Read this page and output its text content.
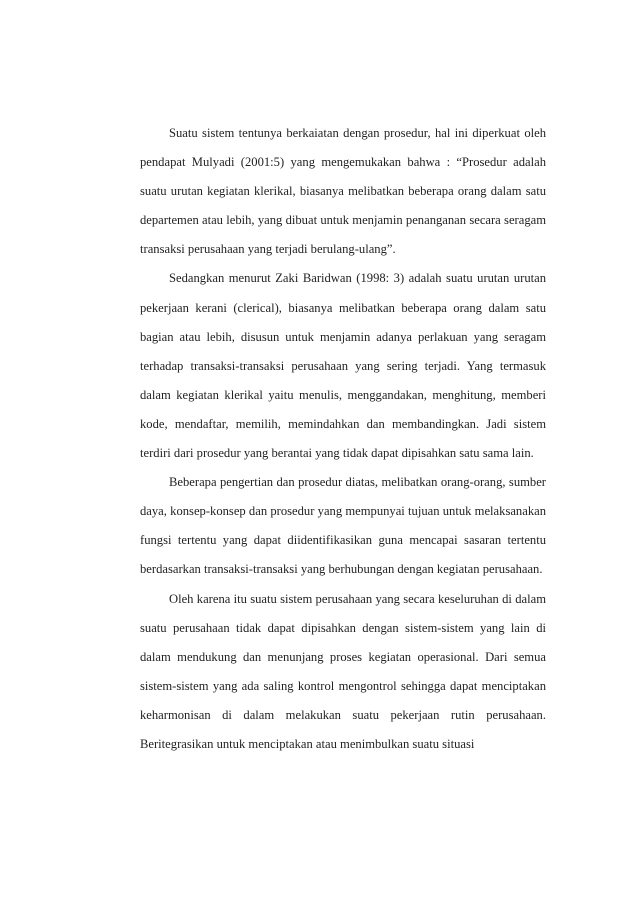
Suatu sistem tentunya berkaiatan dengan prosedur, hal ini diperkuat oleh pendapat Mulyadi (2001:5) yang mengemukakan bahwa : “Prosedur adalah suatu urutan kegiatan klerikal, biasanya melibatkan beberapa orang dalam satu departemen atau lebih, yang dibuat untuk menjamin penanganan secara seragam transaksi perusahaan yang terjadi berulang-ulang”.

Sedangkan menurut Zaki Baridwan (1998: 3) adalah suatu urutan urutan pekerjaan kerani (clerical), biasanya melibatkan beberapa orang dalam satu bagian atau lebih, disusun untuk menjamin adanya perlakuan yang seragam terhadap transaksi-transaksi perusahaan yang sering terjadi. Yang termasuk dalam kegiatan klerikal yaitu menulis, menggandakan, menghitung, memberi kode, mendaftar, memilih, memindahkan dan membandingkan. Jadi sistem terdiri dari prosedur yang berantai yang tidak dapat dipisahkan satu sama lain.

Beberapa pengertian dan prosedur diatas, melibatkan orang-orang, sumber daya, konsep-konsep dan prosedur yang mempunyai tujuan untuk melaksanakan fungsi tertentu yang dapat diidentifikasikan guna mencapai sasaran tertentu berdasarkan transaksi-transaksi yang berhubungan dengan kegiatan perusahaan.

Oleh karena itu suatu sistem perusahaan yang secara keseluruhan di dalam suatu perusahaan tidak dapat dipisahkan dengan sistem-sistem yang lain di dalam mendukung dan menunjang proses kegiatan operasional. Dari semua sistem-sistem yang ada saling kontrol mengontrol sehingga dapat menciptakan keharmonisan di dalam melakukan suatu pekerjaan rutin perusahaan. Beritegrasikan untuk menciptakan atau menimbulkan suatu situasi
